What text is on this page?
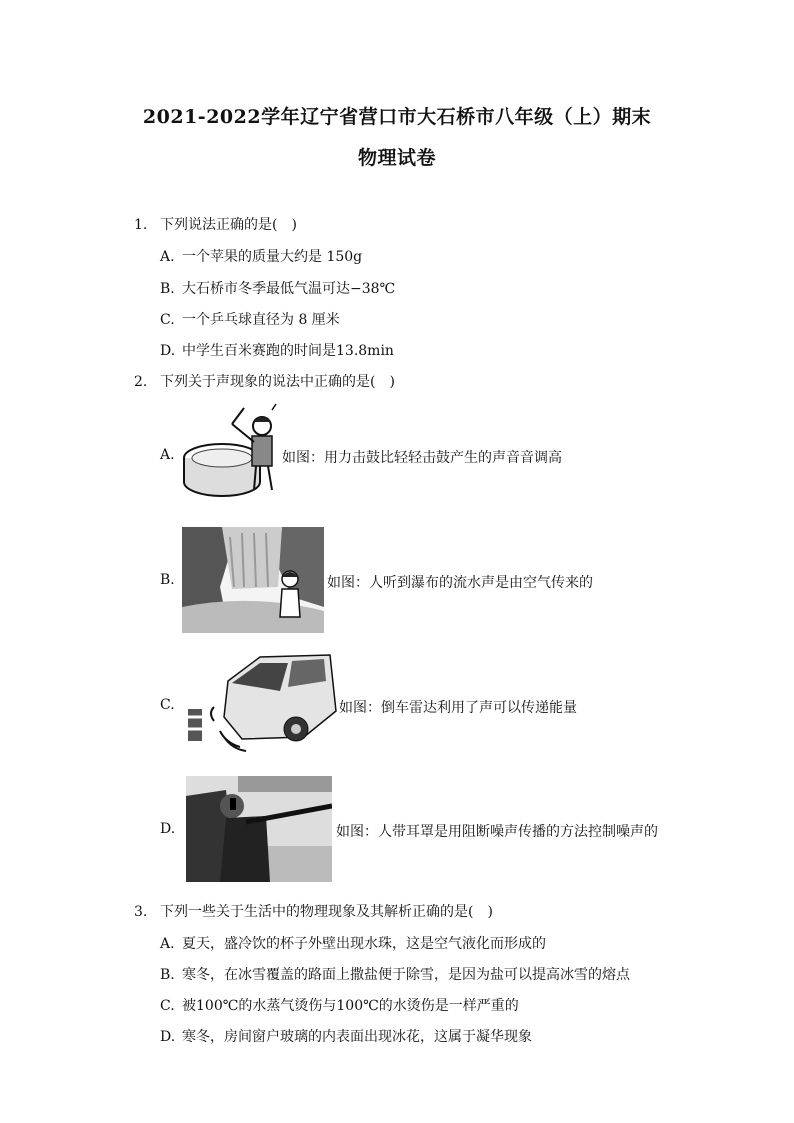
2021-2022学年辽宁省营口市大石桥市八年级（上）期末
物理试卷
1. 下列说法正确的是(　)
A. 一个苹果的质量大约是 150g
B. 大石桥市冬季最低气温可达−38℃
C. 一个乒乓球直径为 8 厘米
D. 中学生百米赛跑的时间是13.8min
2. 下列关于声现象的说法中正确的是(　)
A.	如图：用力击鼓比轻轻击鼓产生的声音音调高
B.	如图：人听到瀑布的流水声是由空气传来的
C.	如图：倒车雷达利用了声可以传递能量
D.	如图：人带耳罩是用阻断噪声传播的方法控制噪声的
3. 下列一些关于生活中的物理现象及其解析正确的是(　)
A. 夏天，盛冷饮的杯子外壁出现水珠，这是空气液化而形成的
B. 寒冬，在冰雪覆盖的路面上撒盐便于除雪，是因为盐可以提高冰雪的熔点
C. 被100℃的水蒸气烫伤与100℃的水烫伤是一样严重的
D. 寒冬，房间窗户玻璃的内表面出现冰花，这属于凝华现象
